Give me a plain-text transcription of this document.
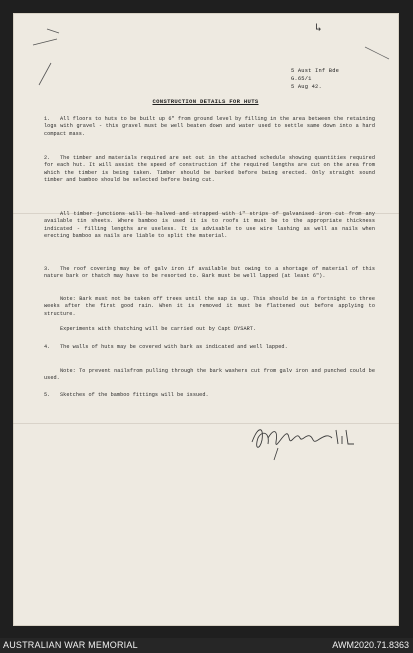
↳
5 Aust Inf Bde
G.65/1
5 Aug 42.
CONSTRUCTION DETAILS FOR HUTS
1. All floors to huts to be built up 6" from ground level by filling in the area between the retaining logs with gravel - this gravel must be well beaten down and water used to settle same down into a hard compact mass.
2. The timber and materials required are set out in the attached schedule showing quantities required for each hut. It will assist the speed of construction if the required lengths are cut on the area from which the timber is being taken. Timber should be barked before being erected. Only straight sound timber and bamboo should be selected before being cut.
All timber junctions will be halved and strapped with 1" strips of galvanised iron cut from any available tin sheets. Where bamboo is used it is to roofs it must be to the appropriate thickness indicated - filling lengths are useless. It is advisable to use wire lashing as well as nails when erecting bamboo as nails are liable to split the material.
3. The roof covering may be of galv iron if available but owing to a shortage of material of this nature bark or thatch may have to be resorted to. Bark must be well lapped (at least 6").
Note: Bark must not be taken off trees until the sap is up. This should be in a fortnight to three weeks after the first good rain. When it is removed it must be flattened out before applying to structure.
Experiments with thatching will be carried out by Capt DYSART.
4. The walls of huts may be covered with bark as indicated and well lapped.
Note: To prevent nailsfrom pulling through the bark washers cut from galv iron and punched could be used.
5. Sketches of the bamboo fittings will be issued.
AUSTRALIAN WAR MEMORIAL	AWM2020.71.8363
